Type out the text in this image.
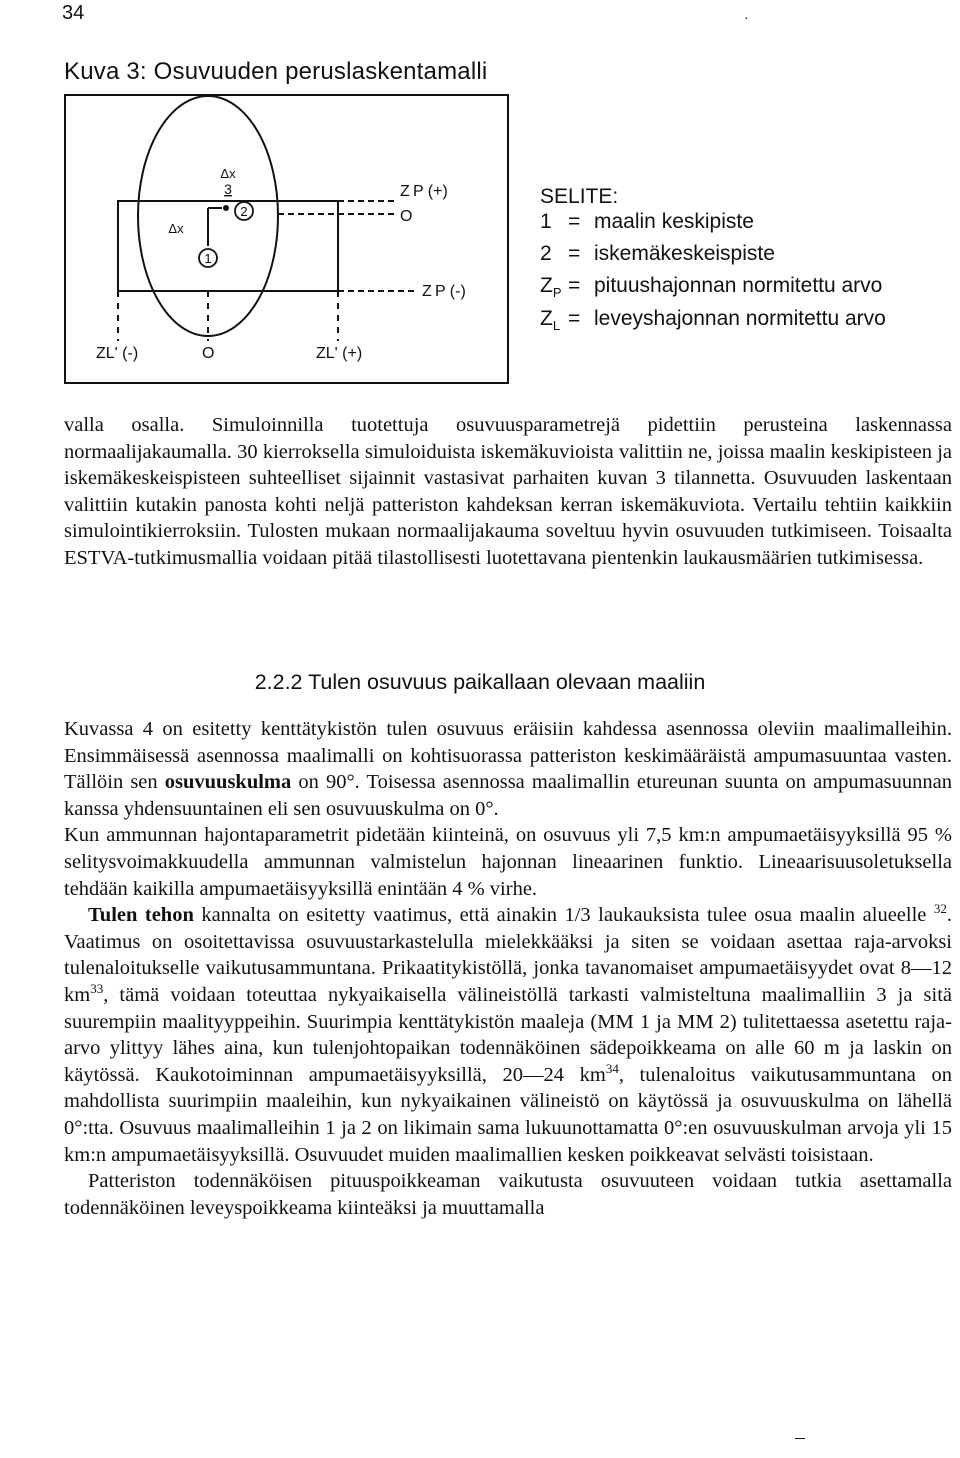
34	·
Kuva 3: Osuvuuden peruslaskentamalli
2
1
Δx
3
Δx
Z P (+)
O
Z P (-)
ZL' (-)	O	ZL' (+)
SELITE:
1 = maalin keskipiste
2 = iskemäkeskeispiste
$Z_P$ = pituushajonnan normitettu arvo
$Z_L$ = leveyshajonnan normitettu arvo

valla osalla. Simuloinnilla tuotettuja osuvuusparametrejä pidettiin perusteina laskennassa normaalijakaumalla. 30 kierroksella simuloiduista iskemäkuvioista valittiin ne, joissa maalin keskipisteen ja iskemäkeskeispisteen suhteelliset sijainnit vastasivat parhaiten kuvan 3 tilannetta. Osuvuuden laskentaan valittiin kutakin panosta kohti neljä patteriston kahdeksan kerran iskemäkuviota. Vertailu tehtiin kaikkiin simulointikierroksiin. Tulosten mukaan normaalijakauma soveltuu hyvin osuvuuden tutkimiseen. Toisaalta ESTVA-tutkimusmallia voidaan pitää tilastollisesti luotettavana pientenkin laukausmäärien tutkimisessa.

2.2.2 Tulen osuvuus paikallaan olevaan maaliin

Kuvassa 4 on esitetty kenttätykistön tulen osuvuus eräisiin kahdessa asennossa oleviin maalimalleihin. Ensimmäisessä asennossa maalimalli on kohtisuorassa patteriston keskimääräistä ampumasuuntaa vasten. Tällöin sen osuvuuskulma on 90°. Toisessa asennossa maalimallin etureunan suunta on ampumasuunnan kanssa yhdensuuntainen eli sen osuvuuskulma on 0°.

Kun ammunnan hajontaparametrit pidetään kiinteinä, on osuvuus yli 7,5 km:n ampumaetäisyyksillä 95 % selitysvoimakkuudella ammunnan valmistelun hajonnan lineaarinen funktio. Lineaarisuusoletuksella tehdään kaikilla ampumaetäisyyksillä enintään 4 % virhe.

Tulen tehon kannalta on esitetty vaatimus, että ainakin 1/3 laukauksista tulee osua maalin alueelle $^{32}$. Vaatimus on osoitettavissa osuvuustarkastelulla mielekkääksi ja siten se voidaan asettaa raja-arvoksi tulenaloitukselle vaikutusammuntana. Prikaatitykistöllä, jonka tavanomaiset ampumaetäisyydet ovat 8—12 $km^{33}$, tämä voidaan toteuttaa nykyaikaisella välineistöllä tarkasti valmisteltuna maalimalliin 3 ja sitä suurempiin maalityyppeihin. Suurimpia kenttätykistön maaleja (MM 1 ja MM 2) tulitettaessa asetettu raja-arvo ylittyy lähes aina, kun tulenjohtopaikan todennäköinen sädepoikkeama on alle 60 m ja laskin on käytössä. Kaukotoiminnan ampumaetäisyyksillä, 20—24 $km^{34}$, tulenaloitus vaikutusammuntana on mahdollista suurimpiin maaleihin, kun nykyaikainen välineistö on käytössä ja osuvuuskulma on lähellä 0°:tta. Osuvuus maalimalleihin 1 ja 2 on likimain sama lukuunottamatta 0°:en osuvuuskulman arvoja yli 15 km:n ampumaetäisyyksillä. Osuvuudet muiden maalimallien kesken poikkeavat selvästi toisistaan.

Patteriston todennäköisen pituuspoikkeaman vaikutusta osuvuuteen voidaan tutkia asettamalla todennäköinen leveyspoikkeama kiinteäksi ja muuttamalla
